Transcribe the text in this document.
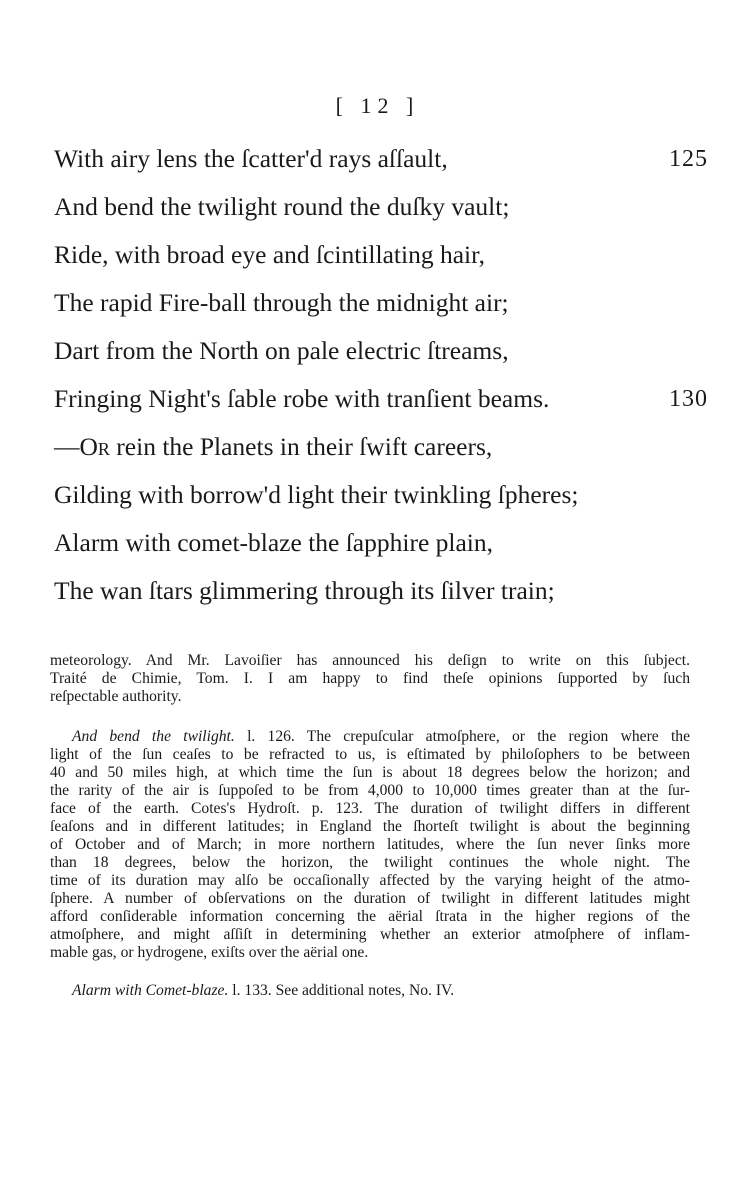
[ 12 ]
With airy lens the ſcatter'd rays aſſault,	125
And bend the twilight round the duſky vault;
Ride, with broad eye and ſcintillating hair,
The rapid Fire-ball through the midnight air;
Dart from the North on pale electric ſtreams,
Fringing Night's ſable robe with tranſient beams.	130
—Or rein the Planets in their ſwift careers,
Gilding with borrow'd light their twinkling ſpheres;
Alarm with comet-blaze the ſapphire plain,
The wan ſtars glimmering through its ſilver train;

meteorology. And Mr. Lavoiſier has announced his deſign to write on this ſubject.
Traité de Chimie, Tom. I. I am happy to find theſe opinions ſupported by ſuch
reſpectable authority.

And bend the twilight. l. 126. The crepuſcular atmoſphere, or the region where the
light of the ſun ceaſes to be refracted to us, is eſtimated by philoſophers to be between
40 and 50 miles high, at which time the ſun is about 18 degrees below the horizon; and
the rarity of the air is ſuppoſed to be from 4,000 to 10,000 times greater than at the ſur-
face of the earth. Cotes's Hydroſt. p. 123. The duration of twilight differs in different
ſeaſons and in different latitudes; in England the ſhorteſt twilight is about the beginning
of October and of March; in more northern latitudes, where the ſun never ſinks more
than 18 degrees, below the horizon, the twilight continues the whole night. The
time of its duration may alſo be occaſionally affected by the varying height of the atmo-
ſphere. A number of obſervations on the duration of twilight in different latitudes might
afford conſiderable information concerning the aërial ſtrata in the higher regions of the
atmoſphere, and might aſſiſt in determining whether an exterior atmoſphere of inflam-
mable gas, or hydrogene, exiſts over the aërial one.

Alarm with Comet-blaze. l. 133. See additional notes, No. IV.
